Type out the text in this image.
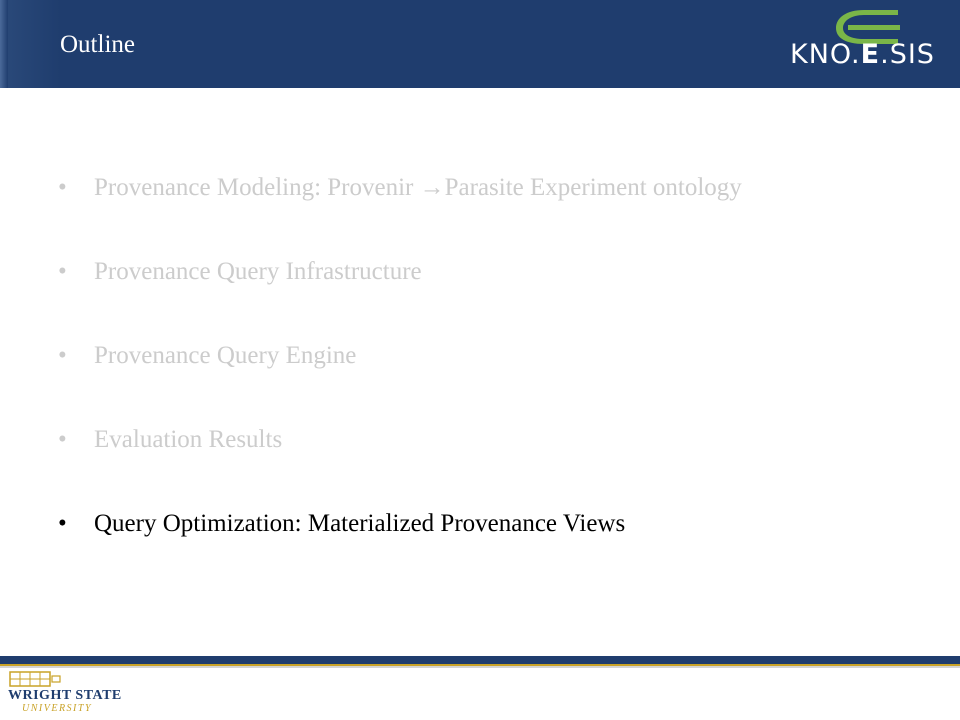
Outline	KNO.E.SIS
•	Provenance Modeling: Provenir →Parasite Experiment ontology
•	Provenance Query Infrastructure
•	Provenance Query Engine
•	Evaluation Results
•	Query Optimization: Materialized Provenance Views
WRIGHT STATE
UNIVERSITY
